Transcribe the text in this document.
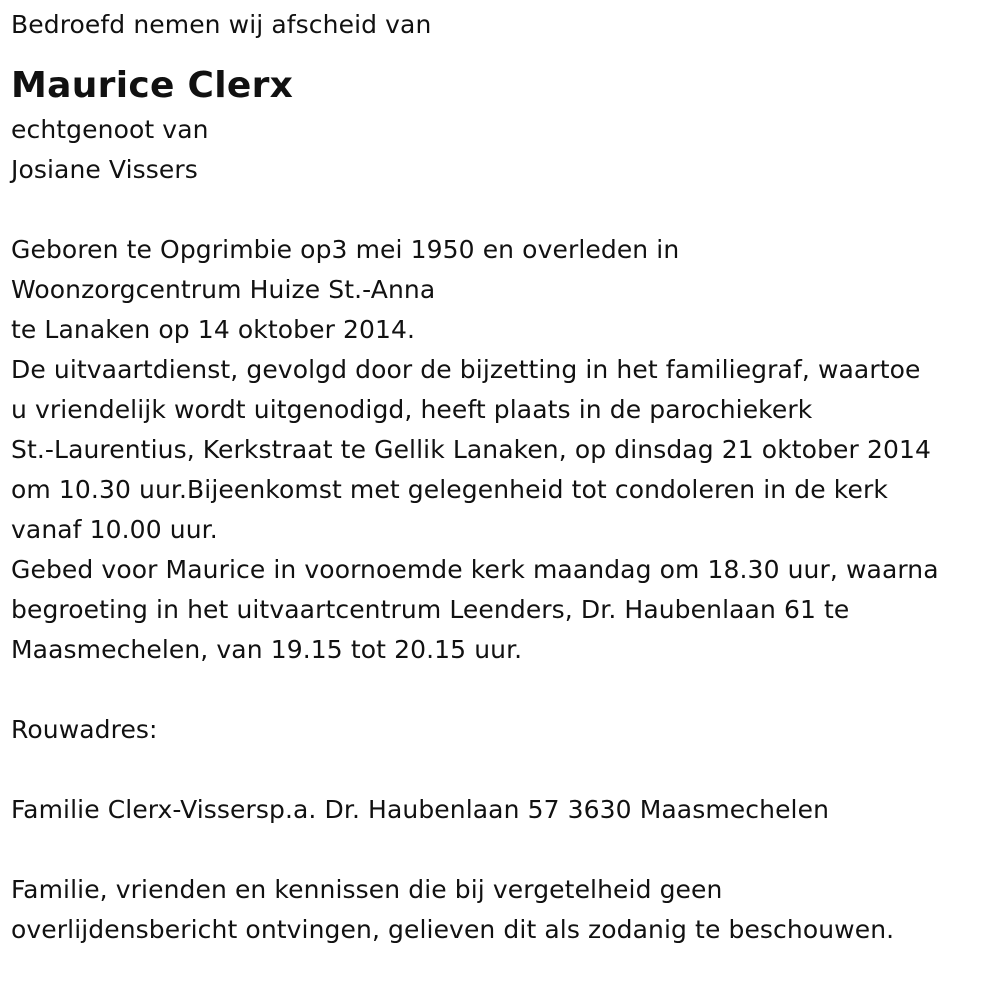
Bedroefd nemen wij afscheid van
Maurice Clerx
echtgenoot van
Josiane Vissers
Geboren te Opgrimbie op3 mei 1950 en overleden in
Woonzorgcentrum Huize St.-Anna
te Lanaken op 14 oktober 2014.
De uitvaartdienst, gevolgd door de bijzetting in het familiegraf, waartoe
u vriendelijk wordt uitgenodigd, heeft plaats in de parochiekerk
St.-Laurentius, Kerkstraat te Gellik Lanaken, op dinsdag 21 oktober 2014
om 10.30 uur.Bijeenkomst met gelegenheid tot condoleren in de kerk
vanaf 10.00 uur.
Gebed voor Maurice in voornoemde kerk maandag om 18.30 uur, waarna
begroeting in het uitvaartcentrum Leenders, Dr. Haubenlaan 61 te
Maasmechelen, van 19.15 tot 20.15 uur.
Rouwadres:
Familie Clerx-Vissersp.a. Dr. Haubenlaan 57 3630 Maasmechelen
Familie, vrienden en kennissen die bij vergetelheid geen
overlijdensbericht ontvingen, gelieven dit als zodanig te beschouwen.
